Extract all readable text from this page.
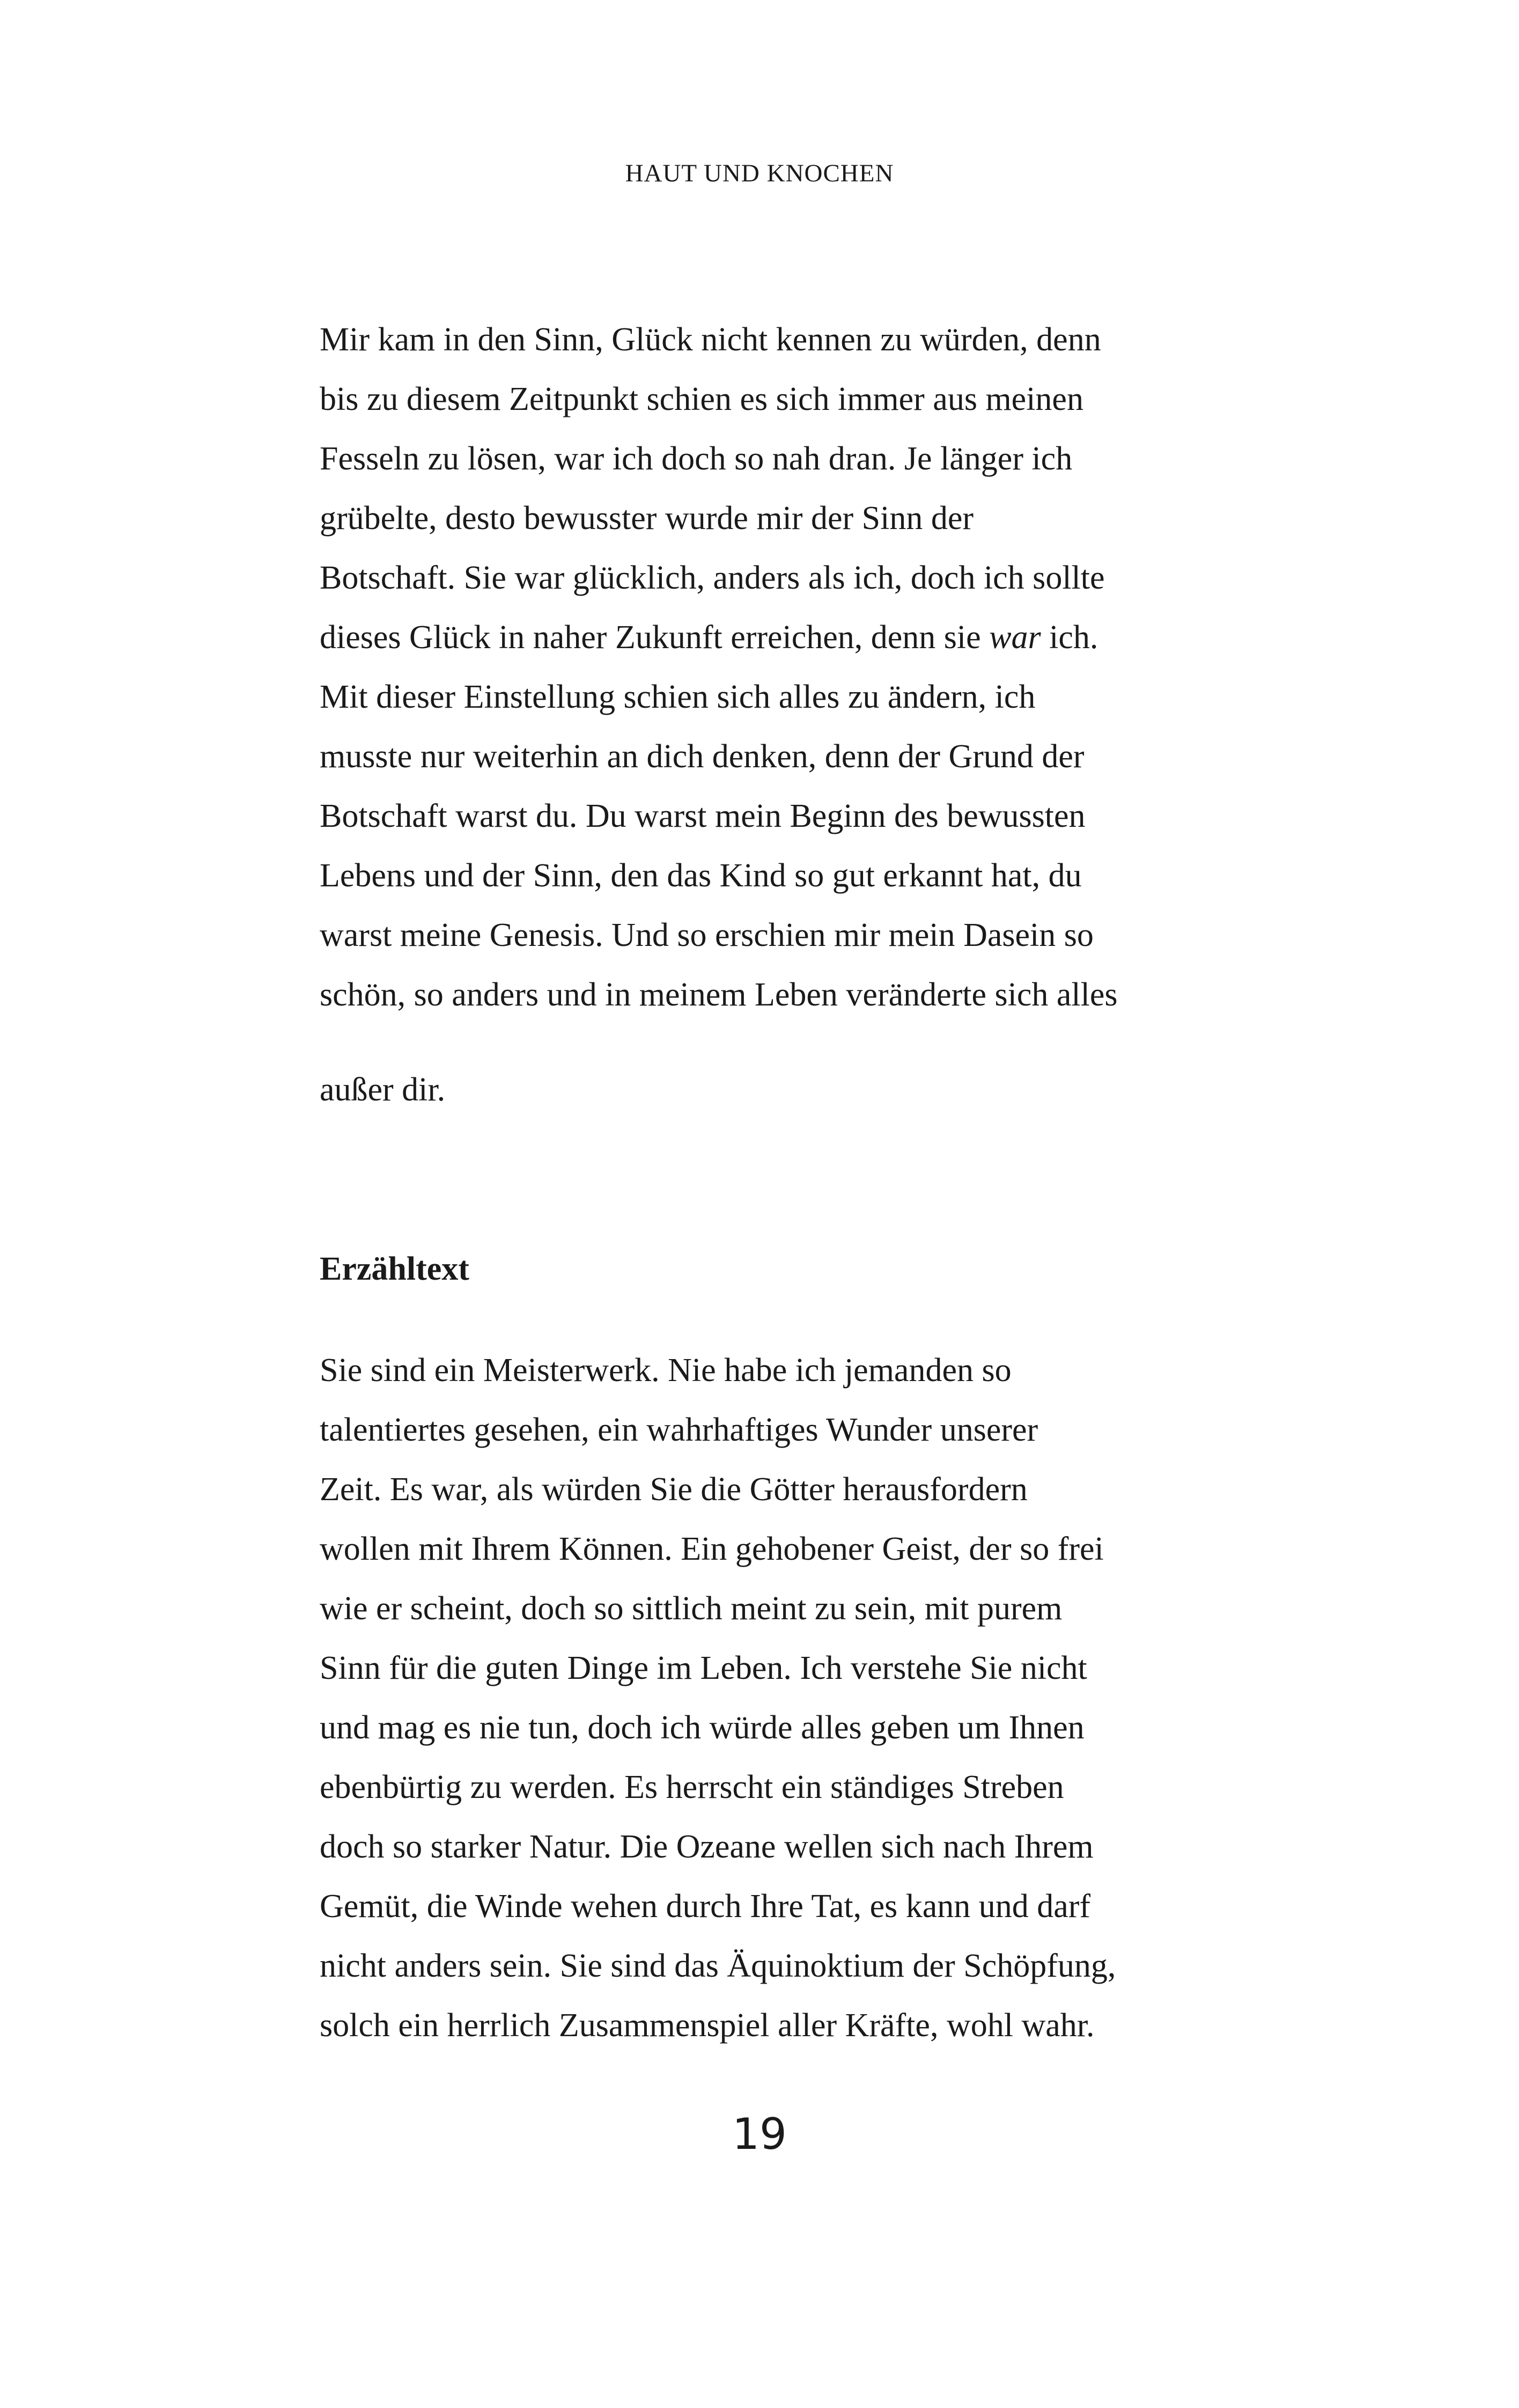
HAUT UND KNOCHEN
Mir kam in den Sinn, Glück nicht kennen zu würden, denn
bis zu diesem Zeitpunkt schien es sich immer aus meinen
Fesseln zu lösen, war ich doch so nah dran. Je länger ich
grübelte, desto bewusster wurde mir der Sinn der
Botschaft. Sie war glücklich, anders als ich, doch ich sollte
dieses Glück in naher Zukunft erreichen, denn sie war ich.
Mit dieser Einstellung schien sich alles zu ändern, ich
musste nur weiterhin an dich denken, denn der Grund der
Botschaft warst du. Du warst mein Beginn des bewussten
Lebens und der Sinn, den das Kind so gut erkannt hat, du
warst meine Genesis. Und so erschien mir mein Dasein so
schön, so anders und in meinem Leben veränderte sich alles
außer dir.
Erzähltext
Sie sind ein Meisterwerk. Nie habe ich jemanden so
talentiertes gesehen, ein wahrhaftiges Wunder unserer
Zeit. Es war, als würden Sie die Götter herausfordern
wollen mit Ihrem Können. Ein gehobener Geist, der so frei
wie er scheint, doch so sittlich meint zu sein, mit purem
Sinn für die guten Dinge im Leben. Ich verstehe Sie nicht
und mag es nie tun, doch ich würde alles geben um Ihnen
ebenbürtig zu werden. Es herrscht ein ständiges Streben
doch so starker Natur. Die Ozeane wellen sich nach Ihrem
Gemüt, die Winde wehen durch Ihre Tat, es kann und darf
nicht anders sein. Sie sind das Äquinoktium der Schöpfung,
solch ein herrlich Zusammenspiel aller Kräfte, wohl wahr.
19
